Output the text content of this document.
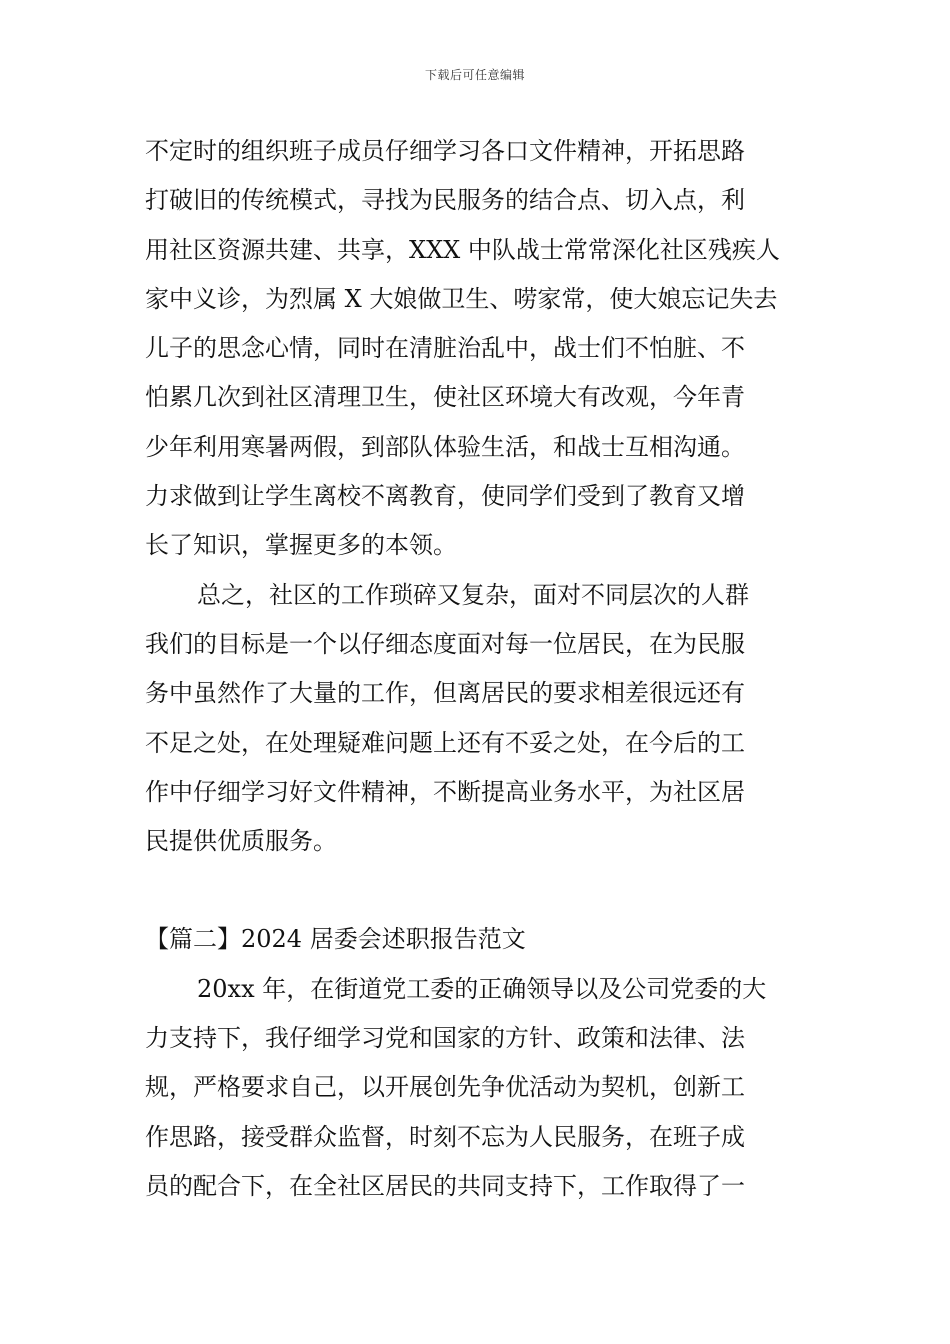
下载后可任意编辑
不定时的组织班子成员仔细学习各口文件精神，开拓思路
打破旧的传统模式，寻找为民服务的结合点、切入点，利
用社区资源共建、共享，XXX 中队战士常常深化社区残疾人
家中义诊，为烈属 X 大娘做卫生、唠家常，使大娘忘记失去
儿子的思念心情，同时在清脏治乱中，战士们不怕脏、不
怕累几次到社区清理卫生，使社区环境大有改观，今年青
少年利用寒暑两假，到部队体验生活，和战士互相沟通。
力求做到让学生离校不离教育，使同学们受到了教育又增
长了知识，掌握更多的本领。
总之，社区的工作琐碎又复杂，面对不同层次的人群
我们的目标是一个以仔细态度面对每一位居民，在为民服
务中虽然作了大量的工作，但离居民的要求相差很远还有
不足之处，在处理疑难问题上还有不妥之处，在今后的工
作中仔细学习好文件精神，不断提高业务水平，为社区居
民提供优质服务。
【篇二】2024 居委会述职报告范文
20xx 年，在街道党工委的正确领导以及公司党委的大
力支持下，我仔细学习党和国家的方针、政策和法律、法
规，严格要求自己，以开展创先争优活动为契机，创新工
作思路，接受群众监督，时刻不忘为人民服务，在班子成
员的配合下，在全社区居民的共同支持下，工作取得了一
